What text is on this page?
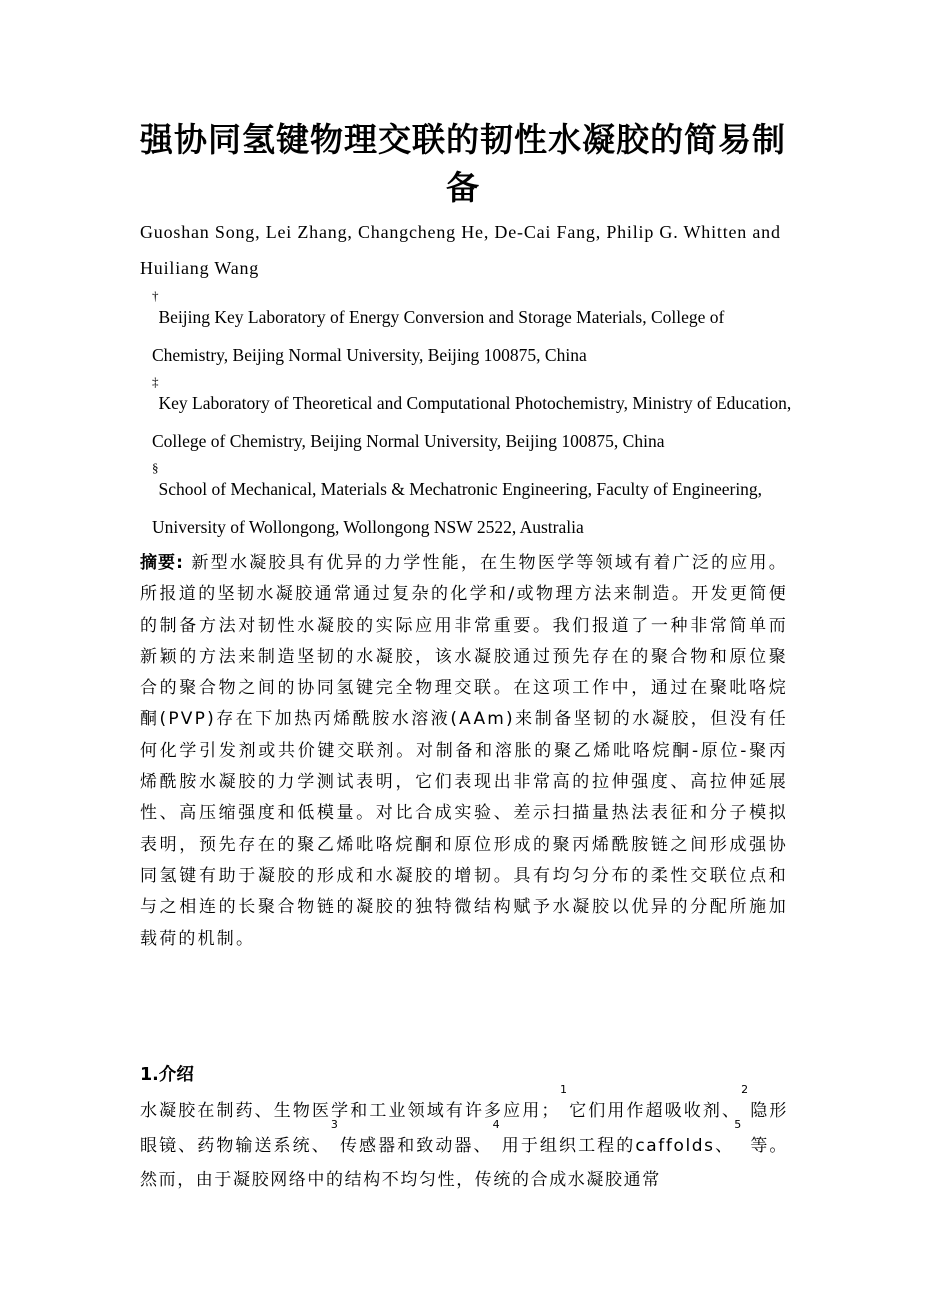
强协同氢键物理交联的韧性水凝胶的简易制备

Guoshan Song, Lei Zhang, Changcheng He, De-Cai Fang, Philip G. Whitten and Huiliang Wang

†Beijing Key Laboratory of Energy Conversion and Storage Materials, College of Chemistry, Beijing Normal University, Beijing 100875, China

‡Key Laboratory of Theoretical and Computational Photochemistry, Ministry of Education, College of Chemistry, Beijing Normal University, Beijing 100875, China

§School of Mechanical, Materials & Mechatronic Engineering, Faculty of Engineering, University of Wollongong, Wollongong NSW 2522, Australia

摘要: 新型水凝胶具有优异的力学性能，在生物医学等领域有着广泛的应用。所报道的坚韧水凝胶通常通过复杂的化学和/或物理方法来制造。开发更简便的制备方法对韧性水凝胶的实际应用非常重要。我们报道了一种非常简单而新颖的方法来制造坚韧的水凝胶，该水凝胶通过预先存在的聚合物和原位聚合的聚合物之间的协同氢键完全物理交联。在这项工作中，通过在聚吡咯烷酮(PVP)存在下加热丙烯酰胺水溶液(AAm)来制备坚韧的水凝胶，但没有任何化学引发剂或共价键交联剂。对制备和溶胀的聚乙烯吡咯烷酮-原位-聚丙烯酰胺水凝胶的力学测试表明，它们表现出非常高的拉伸强度、高拉伸延展性、高压缩强度和低模量。对比合成实验、差示扫描量热法表征和分子模拟表明，预先存在的聚乙烯吡咯烷酮和原位形成的聚丙烯酰胺链之间形成强协同氢键有助于凝胶的形成和水凝胶的增韧。具有均匀分布的柔性交联位点和与之相连的长聚合物链的凝胶的独特微结构赋予水凝胶以优异的分配所施加载荷的机制。

1.介绍

水凝胶在制药、生物医学和工业领域有许多应用；$^1$它们用作超吸收剂、$^2$隐形眼镜、药物输送系统、$^3$传感器和致动器、$^4$用于组织工程的caffolds、$^5$ 等。然而，由于凝胶网络中的结构不均匀性，传统的合成水凝胶通常
